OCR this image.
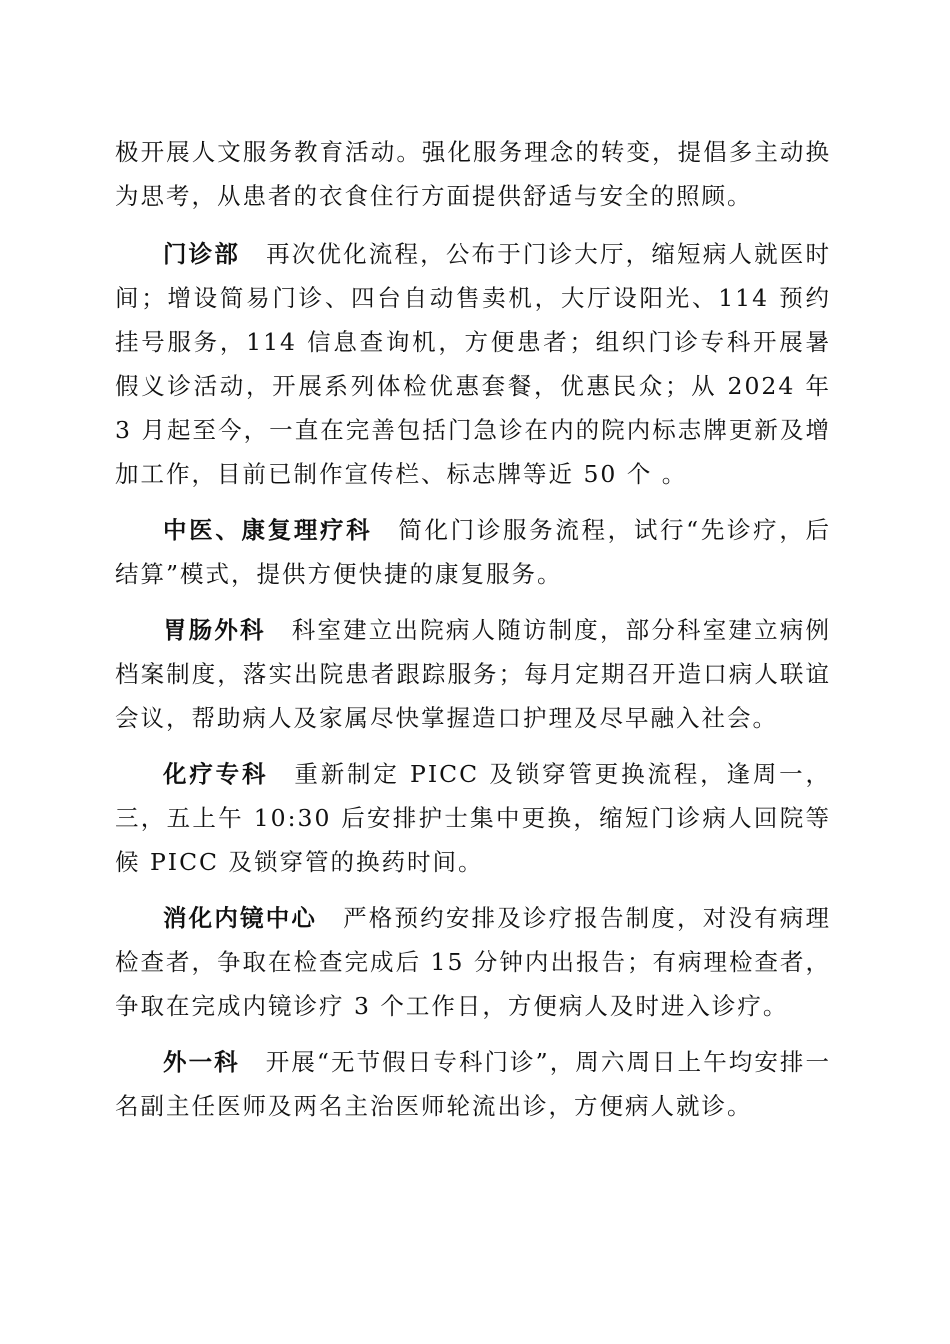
极开展人文服务教育活动。强化服务理念的转变，提倡多主动换为思考，从患者的衣食住行方面提供舒适与安全的照顾。

门诊部 再次优化流程，公布于门诊大厅，缩短病人就医时间；增设简易门诊、四台自动售卖机，大厅设阳光、114 预约挂号服务，114 信息查询机，方便患者；组织门诊专科开展暑假义诊活动，开展系列体检优惠套餐，优惠民众；从 2024 年 3 月起至今，一直在完善包括门急诊在内的院内标志牌更新及增加工作，目前已制作宣传栏、标志牌等近 50 个 。

中医、康复理疗科 简化门诊服务流程，试行“先诊疗，后结算”模式，提供方便快捷的康复服务。

胃肠外科 科室建立出院病人随访制度，部分科室建立病例档案制度，落实出院患者跟踪服务；每月定期召开造口病人联谊会议，帮助病人及家属尽快掌握造口护理及尽早融入社会。

化疗专科 重新制定 PICC 及锁穿管更换流程，逢周一，三，五上午 10:30 后安排护士集中更换，缩短门诊病人回院等候 PICC 及锁穿管的换药时间。

消化内镜中心 严格预约安排及诊疗报告制度，对没有病理检查者，争取在检查完成后 15 分钟内出报告；有病理检查者，争取在完成内镜诊疗 3 个工作日，方便病人及时进入诊疗。

外一科 开展“无节假日专科门诊”，周六周日上午均安排一名副主任医师及两名主治医师轮流出诊，方便病人就诊。
